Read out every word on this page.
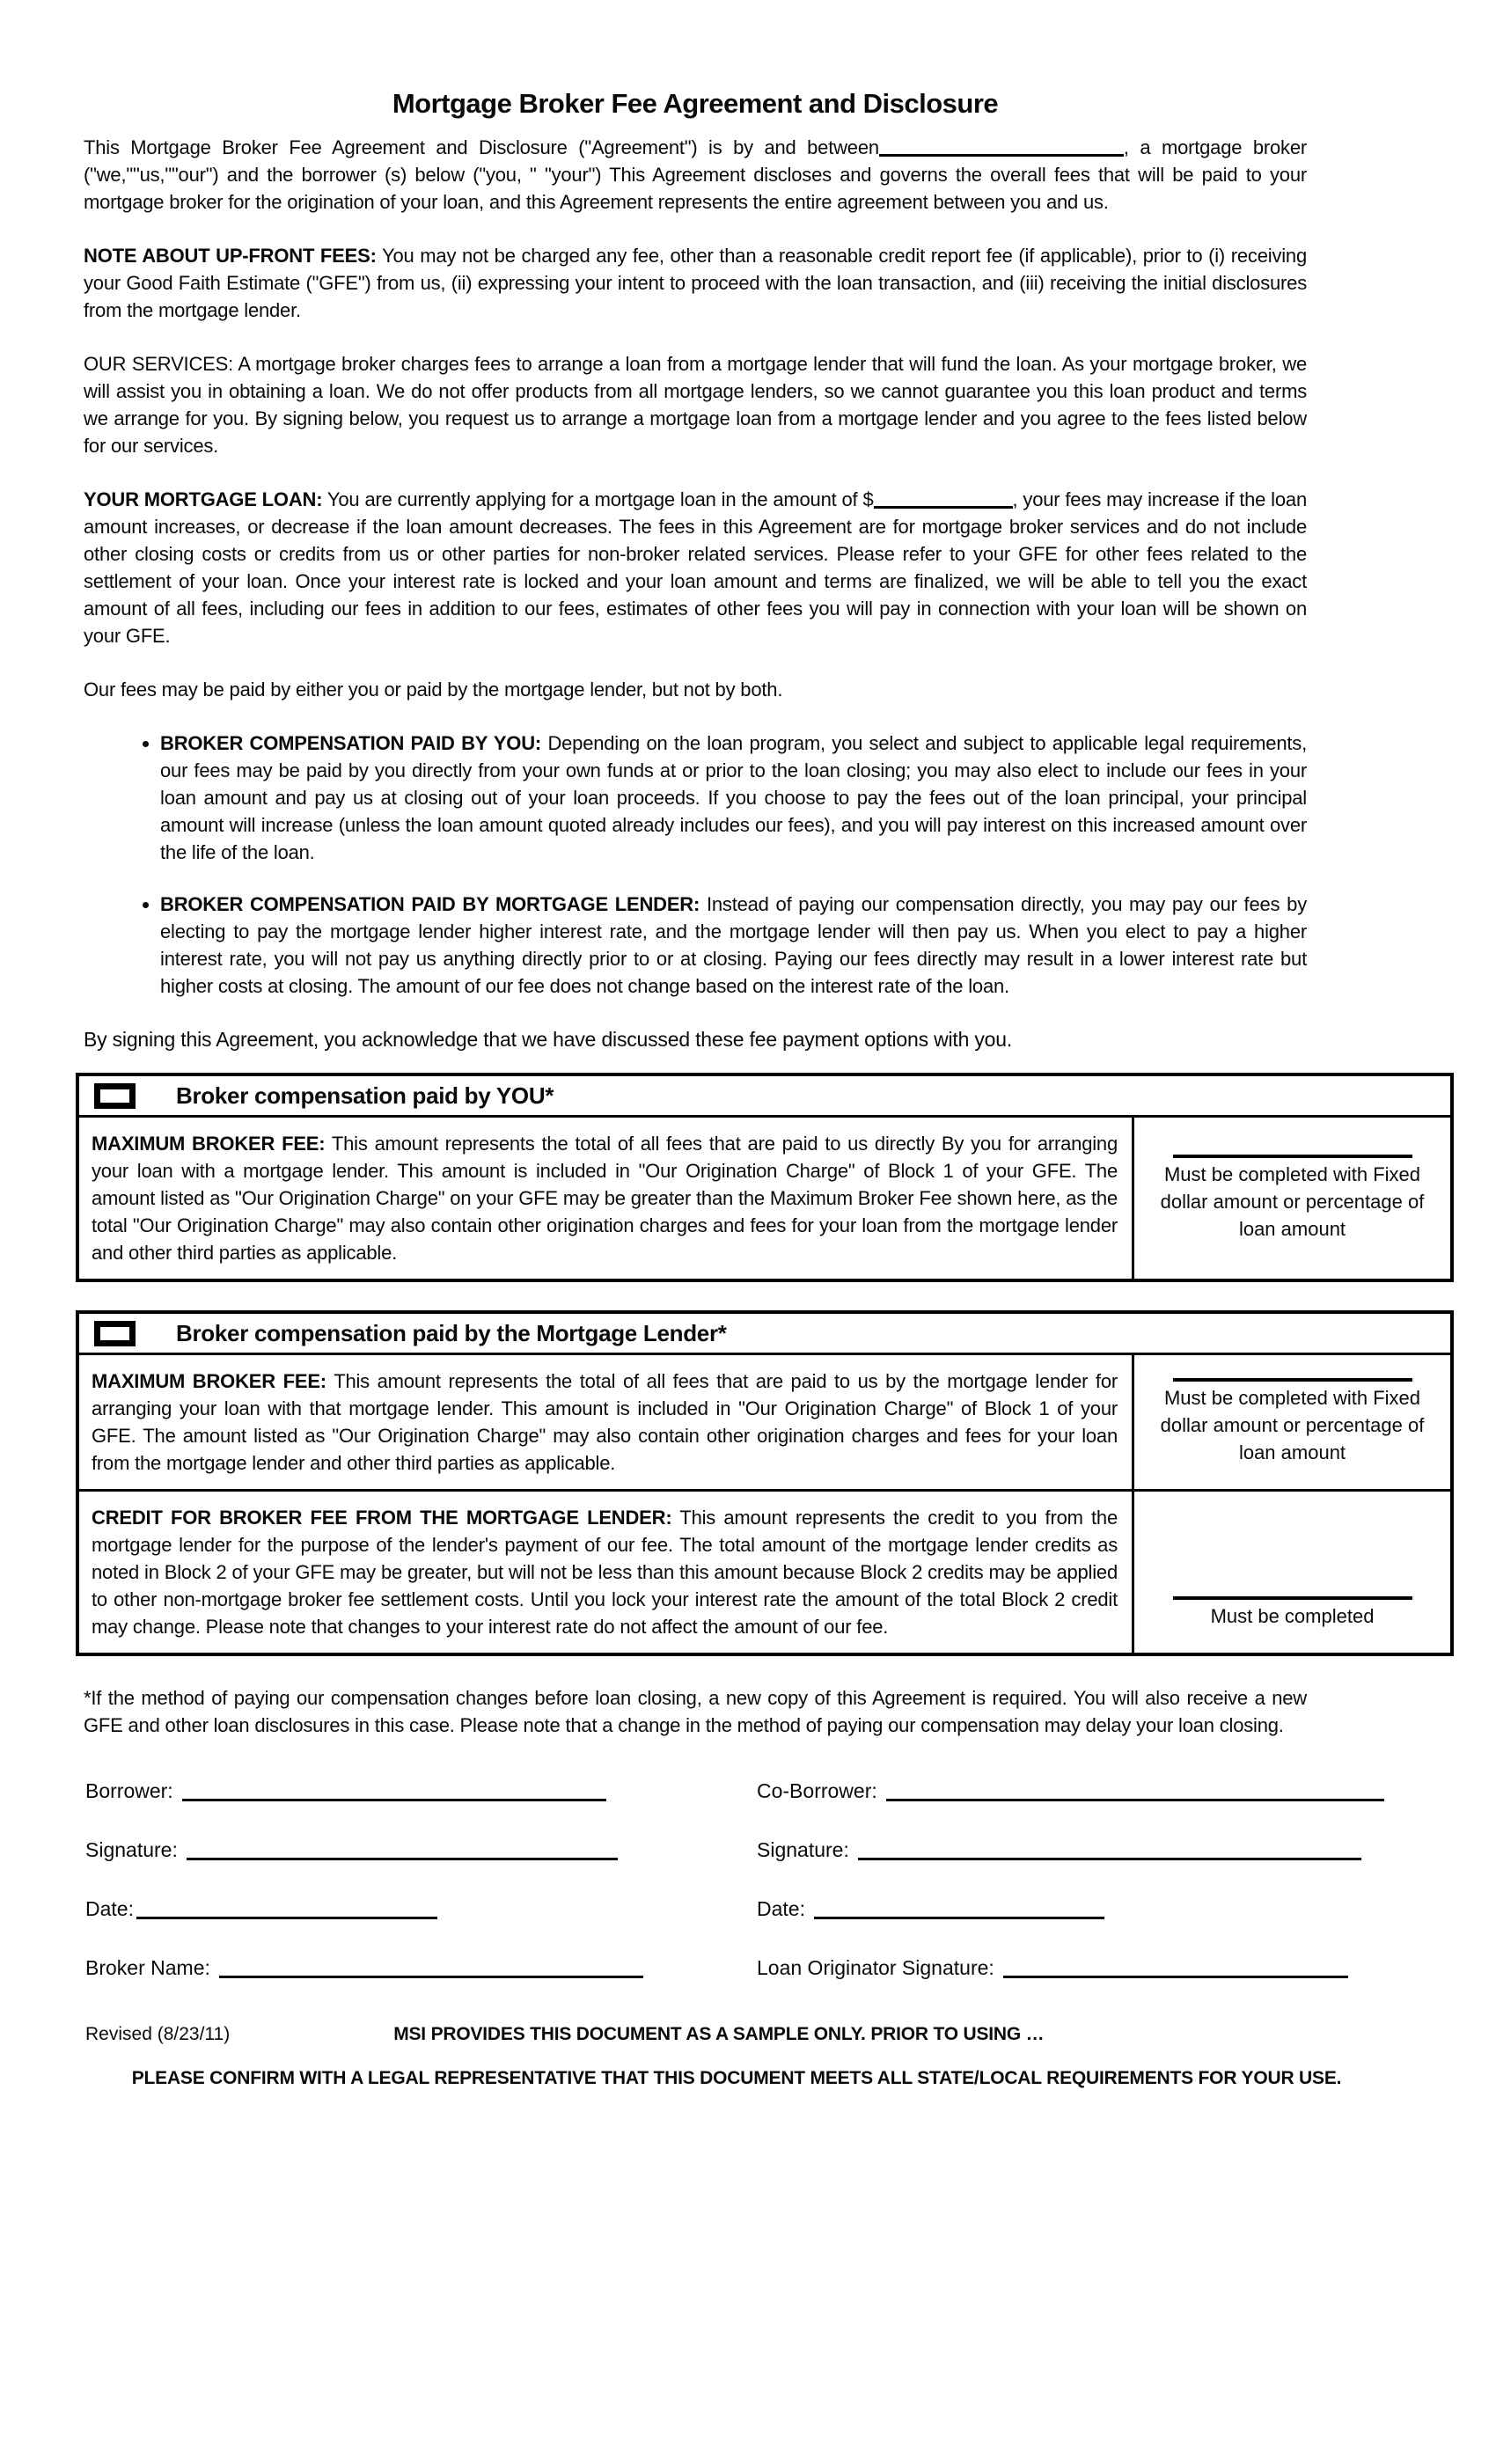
Mortgage Broker Fee Agreement and Disclosure

This Mortgage Broker Fee Agreement and Disclosure ("Agreement") is by and between	, a mortgage broker ("we,""us,""our") and the borrower (s) below ("you, " "your") This Agreement discloses and governs the overall fees that will be paid to your mortgage broker for the origination of your loan, and this Agreement represents the entire agreement between you and us.

NOTE ABOUT UP-FRONT FEES: You may not be charged any fee, other than a reasonable credit report fee (if applicable), prior to (i) receiving your Good Faith Estimate ("GFE") from us, (ii) expressing your intent to proceed with the loan transaction, and (iii) receiving the initial disclosures from the mortgage lender.

OUR SERVICES: A mortgage broker charges fees to arrange a loan from a mortgage lender that will fund the loan. As your mortgage broker, we will assist you in obtaining a loan. We do not offer products from all mortgage lenders, so we cannot guarantee you this loan product and terms we arrange for you. By signing below, you request us to arrange a mortgage loan from a mortgage lender and you agree to the fees listed below for our services.

YOUR MORTGAGE LOAN: You are currently applying for a mortgage loan in the amount of $	, your fees may increase if the loan amount increases, or decrease if the loan amount decreases. The fees in this Agreement are for mortgage broker services and do not include other closing costs or credits from us or other parties for non-broker related services. Please refer to your GFE for other fees related to the settlement of your loan. Once your interest rate is locked and your loan amount and terms are finalized, we will be able to tell you the exact amount of all fees, including our fees in addition to our fees, estimates of other fees you will pay in connection with your loan will be shown on your GFE.

Our fees may be paid by either you or paid by the mortgage lender, but not by both.

• BROKER COMPENSATION PAID BY YOU: Depending on the loan program, you select and subject to applicable legal requirements, our fees may be paid by you directly from your own funds at or prior to the loan closing; you may also elect to include our fees in your loan amount and pay us at closing out of your loan proceeds. If you choose to pay the fees out of the loan principal, your principal amount will increase (unless the loan amount quoted already includes our fees), and you will pay interest on this increased amount over the life of the loan.
• BROKER COMPENSATION PAID BY MORTGAGE LENDER: Instead of paying our compensation directly, you may pay our fees by electing to pay the mortgage lender higher interest rate, and the mortgage lender will then pay us. When you elect to pay a higher interest rate, you will not pay us anything directly prior to or at closing. Paying our fees directly may result in a lower interest rate but higher costs at closing. The amount of our fee does not change based on the interest rate of the loan.

By signing this Agreement, you acknowledge that we have discussed these fee payment options with you.

Broker compensation paid by YOU*
MAXIMUM BROKER FEE: This amount represents the total of all fees that are paid to us directly By you for arranging your loan with a mortgage lender. This amount is included in "Our Origination Charge" of Block 1 of your GFE. The amount listed as "Our Origination Charge" on your GFE may be greater than the Maximum Broker Fee shown here, as the total "Our Origination Charge" may also contain other origination charges and fees for your loan from the mortgage lender and other third parties as applicable.
Must be completed with Fixed dollar amount or percentage of loan amount
Broker compensation paid by the Mortgage Lender*
MAXIMUM BROKER FEE: This amount represents the total of all fees that are paid to us by the mortgage lender for arranging your loan with that mortgage lender. This amount is included in "Our Origination Charge" of Block 1 of your GFE. The amount listed as "Our Origination Charge" may also contain other origination charges and fees for your loan from the mortgage lender and other third parties as applicable.
Must be completed with Fixed dollar amount or percentage of loan amount
CREDIT FOR BROKER FEE FROM THE MORTGAGE LENDER: This amount represents the credit to you from the mortgage lender for the purpose of the lender's payment of our fee. The total amount of the mortgage lender credits as noted in Block 2 of your GFE may be greater, but will not be less than this amount because Block 2 credits may be applied to other non-mortgage broker fee settlement costs. Until you lock your interest rate the amount of the total Block 2 credit may change. Please note that changes to your interest rate do not affect the amount of our fee.	Must be completed

*If the method of paying our compensation changes before loan closing, a new copy of this Agreement is required. You will also receive a new GFE and other loan disclosures in this case. Please note that a change in the method of paying our compensation may delay your loan closing.

Borrower:	Co-Borrower:
Signature:	Signature:
Date:	Date:
Broker Name:	Loan Originator Signature:
Revised (8/23/11)	MSI PROVIDES THIS DOCUMENT AS A SAMPLE ONLY. PRIOR TO USING …
PLEASE CONFIRM WITH A LEGAL REPRESENTATIVE THAT THIS DOCUMENT MEETS ALL STATE/LOCAL REQUIREMENTS FOR YOUR USE.
